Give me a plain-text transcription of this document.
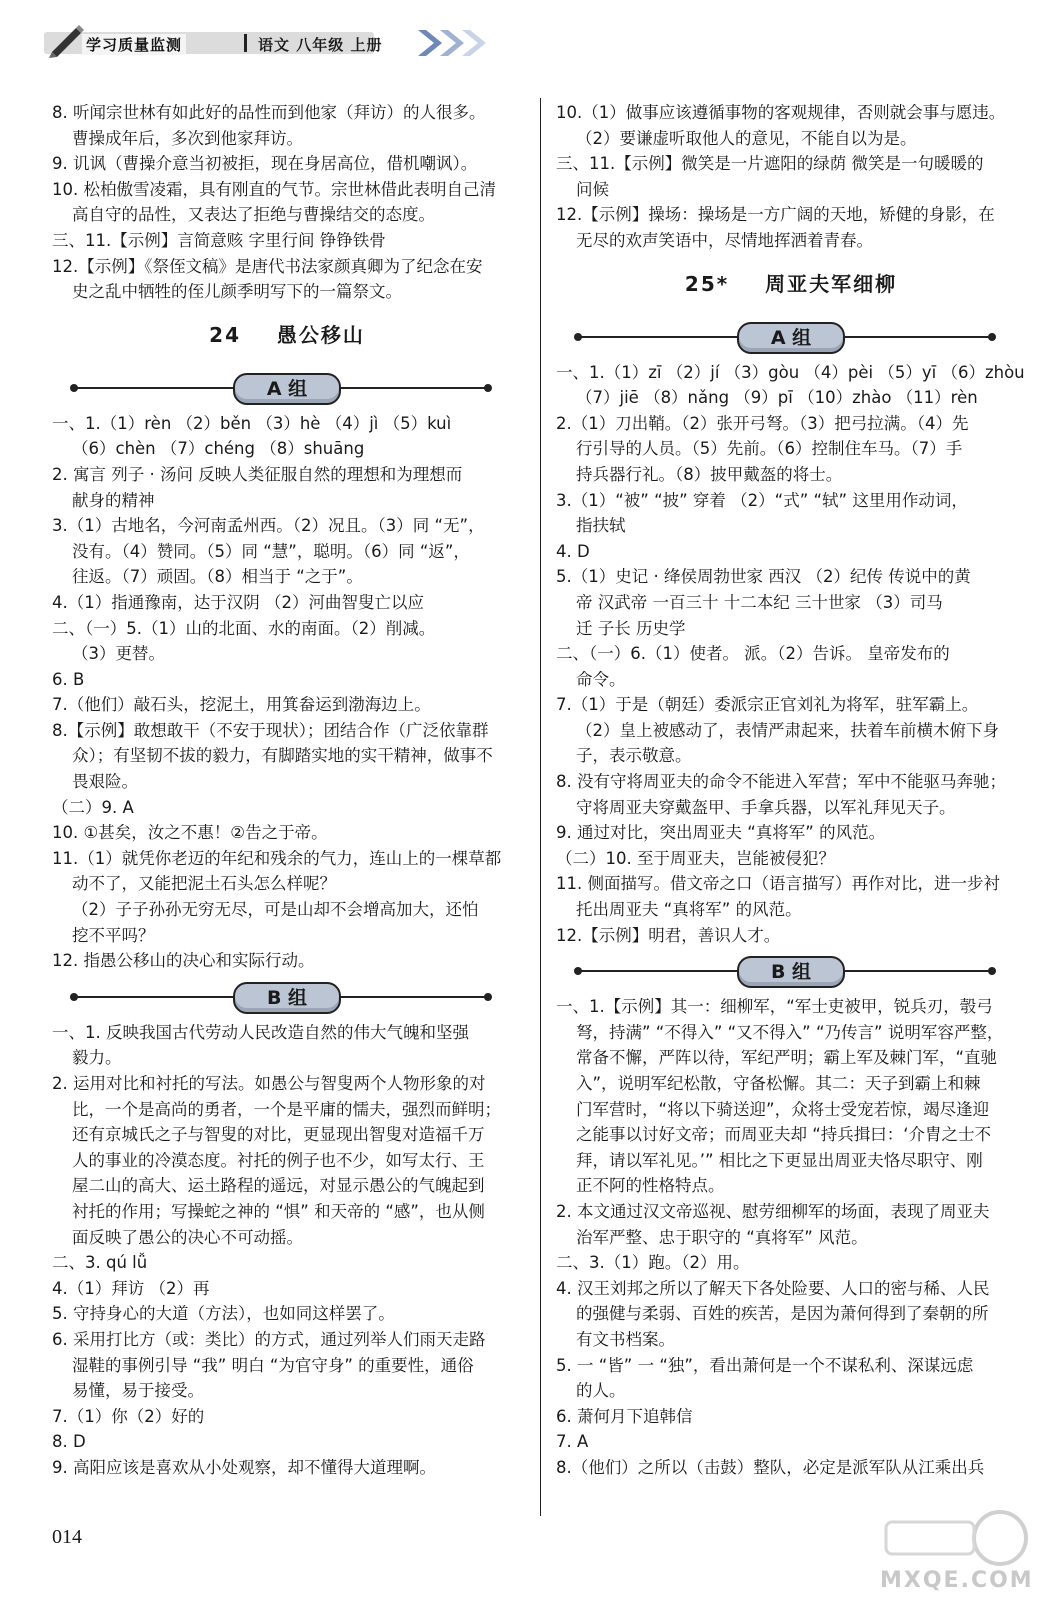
学习质量监测	语文 八年级 上册
8. 听闻宗世林有如此好的品性而到他家（拜访）的人很多。
曹操成年后，多次到他家拜访。
9. 讥讽（曹操介意当初被拒，现在身居高位，借机嘲讽）。
10. 松柏傲雪凌霜，具有刚直的气节。宗世林借此表明自己清
高自守的品性，又表达了拒绝与曹操结交的态度。
三、11.【示例】言简意赅 字里行间 铮铮铁骨
12.【示例】《祭侄文稿》是唐代书法家颜真卿为了纪念在安
史之乱中牺牲的侄儿颜季明写下的一篇祭文。
24    愚公移山
A 组
一、1.（1）rèn （2）běn （3）hè （4）jì （5）kuì
（6）chèn （7）chéng （8）shuāng
2. 寓言 列子 · 汤问 反映人类征服自然的理想和为理想而
献身的精神
3.（1）古地名，今河南孟州西。（2）况且。（3）同 “无”，
没有。（4）赞同。（5）同 “慧”，聪明。（6）同 “返”，
往返。（7）顽固。（8）相当于 “之于”。
4.（1）指通豫南，达于汉阴 （2）河曲智叟亡以应
二、（一）5.（1）山的北面、水的南面。（2）削减。
（3）更替。
6. B
7.（他们）敲石头，挖泥土，用箕畚运到渤海边上。
8.【示例】敢想敢干（不安于现状）；团结合作（广泛依靠群
众）；有坚韧不拔的毅力，有脚踏实地的实干精神，做事不
畏艰险。
（二）9. A
10. ①甚矣，汝之不惠！②告之于帝。
11.（1）就凭你老迈的年纪和残余的气力，连山上的一棵草都
动不了，又能把泥土石头怎么样呢？
（2）子子孙孙无穷无尽，可是山却不会增高加大，还怕
挖不平吗？
12. 指愚公移山的决心和实际行动。
B 组
一、1. 反映我国古代劳动人民改造自然的伟大气魄和坚强
毅力。
2. 运用对比和衬托的写法。如愚公与智叟两个人物形象的对
比，一个是高尚的勇者，一个是平庸的懦夫，强烈而鲜明；
还有京城氏之子与智叟的对比，更显现出智叟对造福千万
人的事业的冷漠态度。衬托的例子也不少，如写太行、王
屋二山的高大、运土路程的遥远，对显示愚公的气魄起到
衬托的作用；写操蛇之神的 “惧” 和天帝的 “感”，也从侧
面反映了愚公的决心不可动摇。
二、3. qú lǚ
4.（1）拜访 （2）再
5. 守持身心的大道（方法），也如同这样罢了。
6. 采用打比方（或：类比）的方式，通过列举人们雨天走路
湿鞋的事例引导 “我” 明白 “为官守身” 的重要性，通俗
易懂，易于接受。
7.（1）你（2）好的
8. D
9. 高阳应该是喜欢从小处观察，却不懂得大道理啊。
10.（1）做事应该遵循事物的客观规律，否则就会事与愿违。
（2）要谦虚听取他人的意见，不能自以为是。
三、11.【示例】微笑是一片遮阳的绿荫 微笑是一句暖暖的
问候
12.【示例】操场：操场是一方广阔的天地，矫健的身影，在
无尽的欢声笑语中，尽情地挥洒着青春。
25*    周亚夫军细柳
A 组
一、1.（1）zī （2）jí （3）gòu （4）pèi （5）yī （6）zhòu
（7）jiē （8）nǎng （9）pī （10）zhào （11）rèn
2.（1）刀出鞘。（2）张开弓弩。（3）把弓拉满。（4）先
行引导的人员。（5）先前。（6）控制住车马。（7）手
持兵器行礼。（8）披甲戴盔的将士。
3.（1）“被” “披” 穿着 （2）“式” “轼” 这里用作动词，
指扶轼
4. D
5.（1）史记 · 绛侯周勃世家 西汉 （2）纪传 传说中的黄
帝 汉武帝 一百三十 十二本纪 三十世家 （3）司马
迁 子长 历史学
二、（一）6.（1）使者。 派。（2）告诉。 皇帝发布的
命令。
7.（1）于是（朝廷）委派宗正官刘礼为将军，驻军霸上。
（2）皇上被感动了，表情严肃起来，扶着车前横木俯下身
子，表示敬意。
8. 没有守将周亚夫的命令不能进入军营；军中不能驱马奔驰；
守将周亚夫穿戴盔甲、手拿兵器，以军礼拜见天子。
9. 通过对比，突出周亚夫 “真将军” 的风范。
（二）10. 至于周亚夫，岂能被侵犯？
11. 侧面描写。借文帝之口（语言描写）再作对比，进一步衬
托出周亚夫 “真将军” 的风范。
12.【示例】明君，善识人才。
B 组
一、1.【示例】其一：细柳军，“军士吏被甲，锐兵刃，彀弓
弩，持满” “不得入” “又不得入” “乃传言” 说明军容严整，
常备不懈，严阵以待，军纪严明；霸上军及棘门军，“直驰
入”，说明军纪松散，守备松懈。其二：天子到霸上和棘
门军营时，“将以下骑送迎”，众将士受宠若惊，竭尽逢迎
之能事以讨好文帝；而周亚夫却 “持兵揖曰：‘介胄之士不
拜，请以军礼见。’” 相比之下更显出周亚夫恪尽职守、刚
正不阿的性格特点。
2. 本文通过汉文帝巡视、慰劳细柳军的场面，表现了周亚夫
治军严整、忠于职守的 “真将军” 风范。
二、3.（1）跑。（2）用。
4. 汉王刘邦之所以了解天下各处险要、人口的密与稀、人民
的强健与柔弱、百姓的疾苦，是因为萧何得到了秦朝的所
有文书档案。
5. 一 “皆” 一 “独”，看出萧何是一个不谋私利、深谋远虑
的人。
6. 萧何月下追韩信
7. A
8.（他们）之所以（击鼓）整队，必定是派军队从江乘出兵
014
MXQE.COM
